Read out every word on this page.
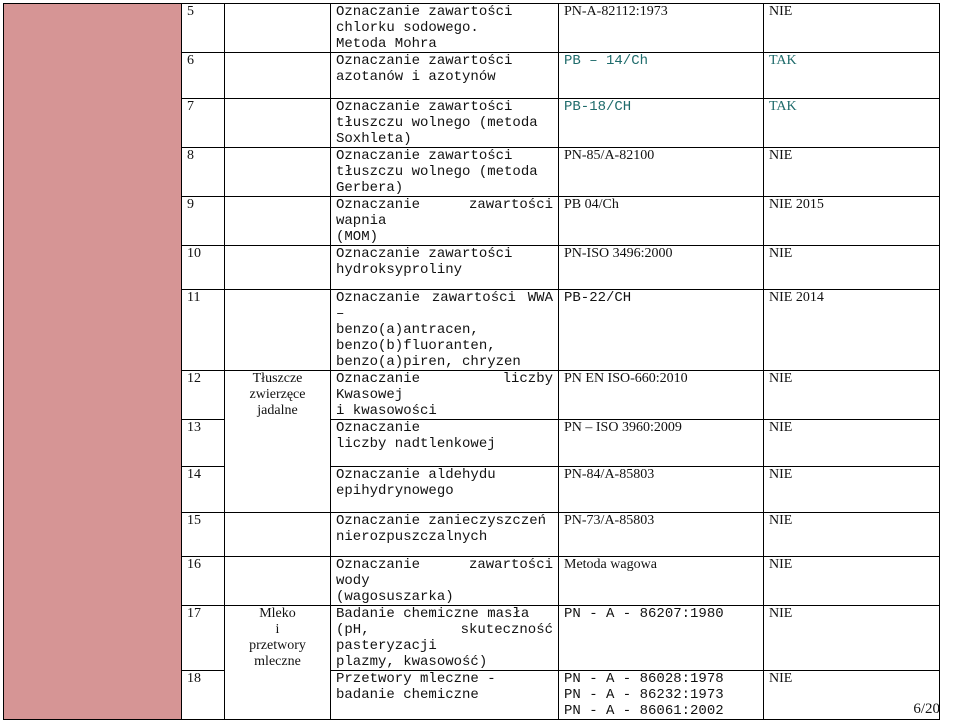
	5		Oznaczanie zawartości
chlorku sodowego.
Metoda Mohra	PN-A-82112:1973	NIE
	6		Oznaczanie zawartości
azotanów i azotynów	PB – 14/Ch	TAK
	7		Oznaczanie zawartości
tłuszczu wolnego (metoda
Soxhleta)	PB-18/CH	TAK
	8		Oznaczanie zawartości
tłuszczu wolnego (metoda
Gerbera)	PN-85/A-82100	NIE
	9		Oznaczanie zawartości wapnia
(MOM)	PB 04/Ch	NIE 2015
	10		Oznaczanie zawartości
hydroksyproliny	PN-ISO 3496:2000	NIE
	11		Oznaczanie zawartości WWA –
benzo(a)antracen,
benzo(b)fluoranten,
benzo(a)piren, chryzen	PB-22/CH	NIE 2014
	12	Tłuszcze
zwierzęce
jadalne	Oznaczanie liczby Kwasowej
i kwasowości	PN EN ISO-660:2010	NIE
	13		Oznaczanie
liczby nadtlenkowej	PN – ISO 3960:2009	NIE
	14		Oznaczanie aldehydu
epihydrynowego	PN-84/A-85803	NIE
	15		Oznaczanie zanieczyszczeń
nierozpuszczalnych	PN-73/A-85803	NIE
	16		Oznaczanie zawartości wody
(wagosuszarka)	Metoda wagowa	NIE
	17	Mleko
i
przetwory
mleczne	Badanie chemiczne masła
(pH, skuteczność pasteryzacji
plazmy, kwasowość)	PN - A - 86207:1980	NIE
	18		Przetwory mleczne -
badanie chemiczne	PN - A - 86028:1978
PN - A - 86232:1973
PN - A - 86061:2002	NIE
6/20
